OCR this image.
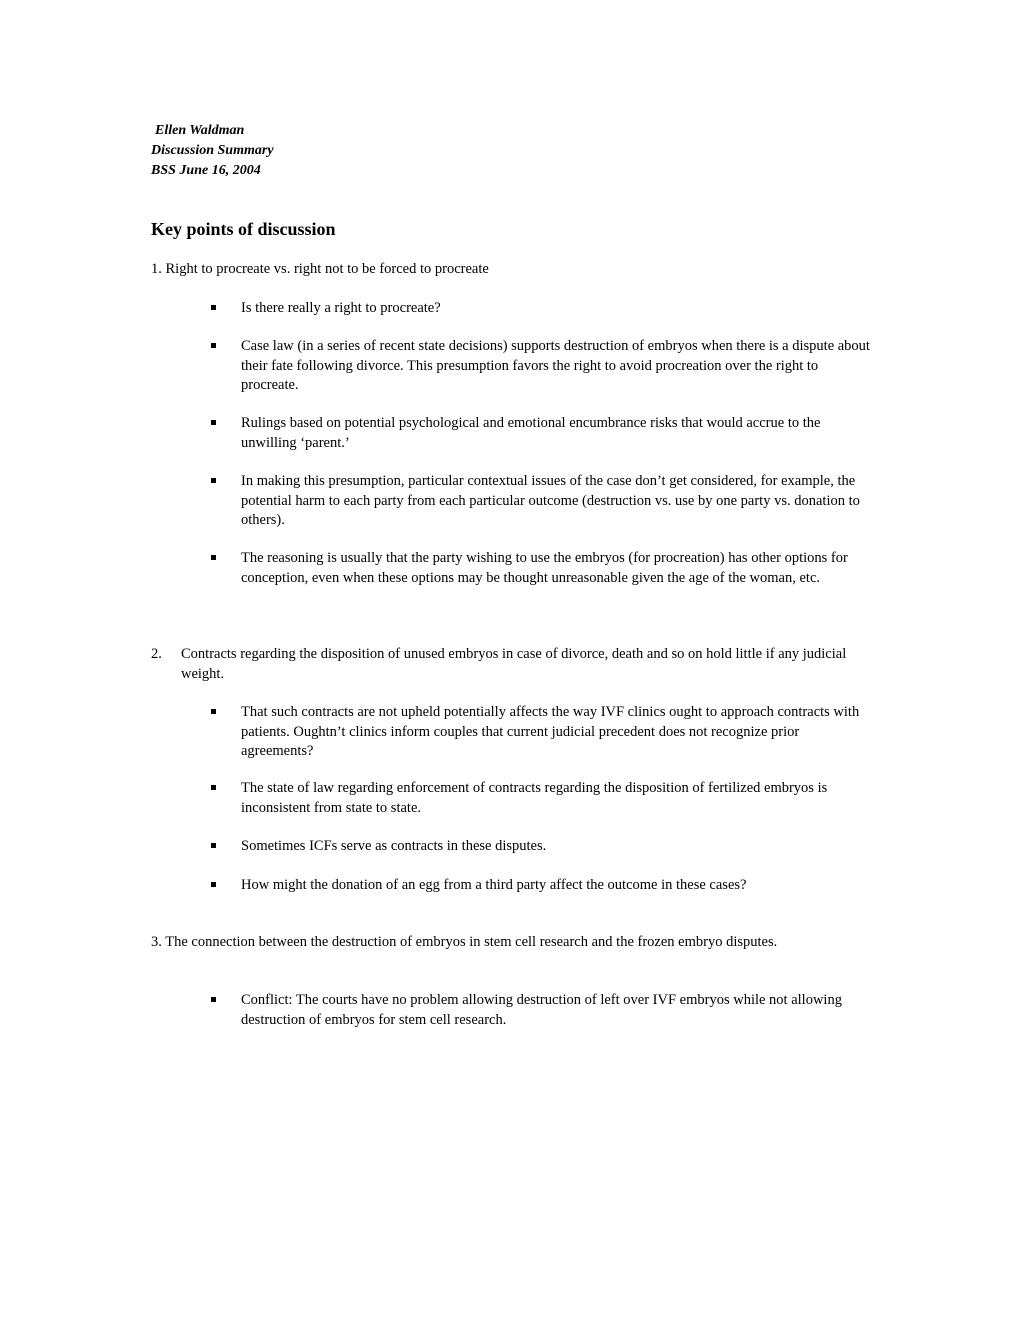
Ellen Waldman
Discussion Summary
BSS June 16, 2004
Key points of discussion
1. Right to procreate vs. right not to be forced to procreate
Is there really a right to procreate?
Case law (in a series of recent state decisions) supports destruction of embryos when there is a dispute about their fate following divorce. This presumption favors the right to avoid procreation over the right to procreate.
Rulings based on potential psychological and emotional encumbrance risks that would accrue to the unwilling ‘parent.’
In making this presumption, particular contextual issues of the case don’t get considered, for example, the potential harm to each party from each particular outcome (destruction vs. use by one party vs. donation to others).
The reasoning is usually that the party wishing to use the embryos (for procreation) has other options for conception, even when these options may be thought unreasonable given the age of the woman, etc.
2. Contracts regarding the disposition of unused embryos in case of divorce, death and so on hold little if any judicial weight.
That such contracts are not upheld potentially affects the way IVF clinics ought to approach contracts with patients. Oughtn’t clinics inform couples that current judicial precedent does not recognize prior agreements?
The state of law regarding enforcement of contracts regarding the disposition of fertilized embryos is inconsistent from state to state.
Sometimes ICFs serve as contracts in these disputes.
How might the donation of an egg from a third party affect the outcome in these cases?
3. The connection between the destruction of embryos in stem cell research and the frozen embryo disputes.
Conflict: The courts have no problem allowing destruction of left over IVF embryos while not allowing destruction of embryos for stem cell research.
